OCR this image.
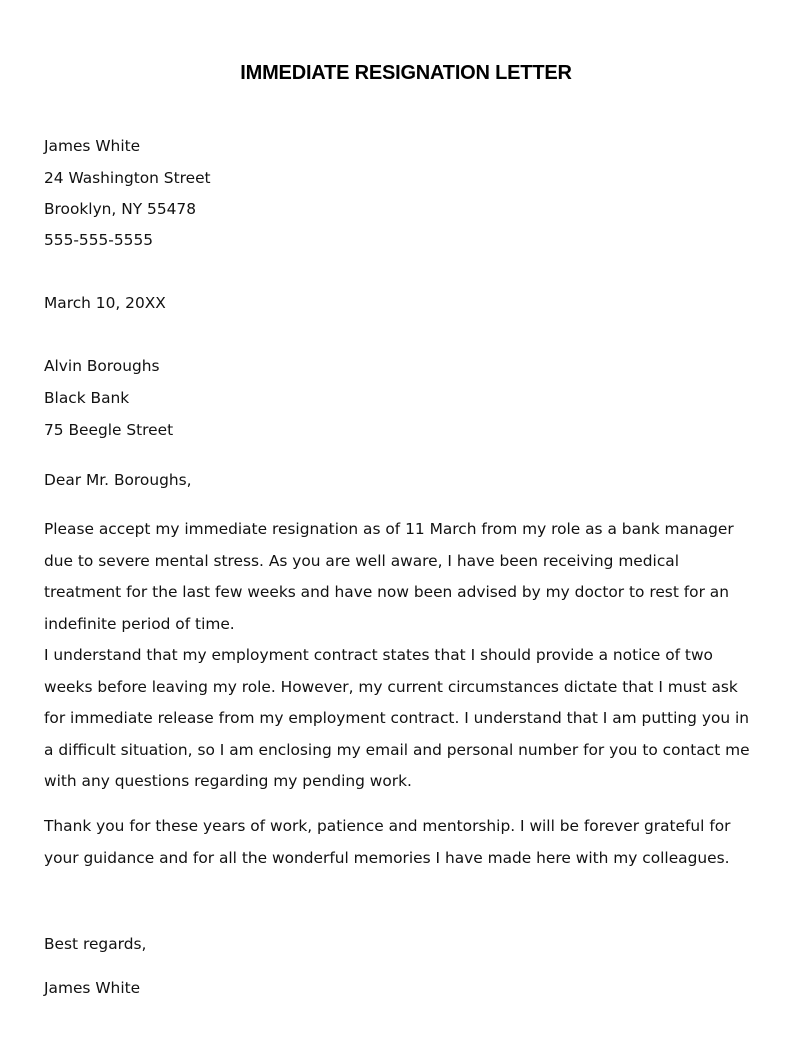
IMMEDIATE RESIGNATION LETTER
James White
24 Washington Street
Brooklyn, NY 55478
555-555-5555
March 10, 20XX
Alvin Boroughs
Black Bank
75 Beegle Street
Dear Mr. Boroughs,
Please accept my immediate resignation as of 11 March from my role as a bank manager
due to severe mental stress. As you are well aware, I have been receiving medical
treatment for the last few weeks and have now been advised by my doctor to rest for an
indefinite period of time.
I understand that my employment contract states that I should provide a notice of two
weeks before leaving my role. However, my current circumstances dictate that I must ask
for immediate release from my employment contract. I understand that I am putting you in
a difficult situation, so I am enclosing my email and personal number for you to contact me
with any questions regarding my pending work.
Thank you for these years of work, patience and mentorship. I will be forever grateful for
your guidance and for all the wonderful memories I have made here with my colleagues.
Best regards,
James White
